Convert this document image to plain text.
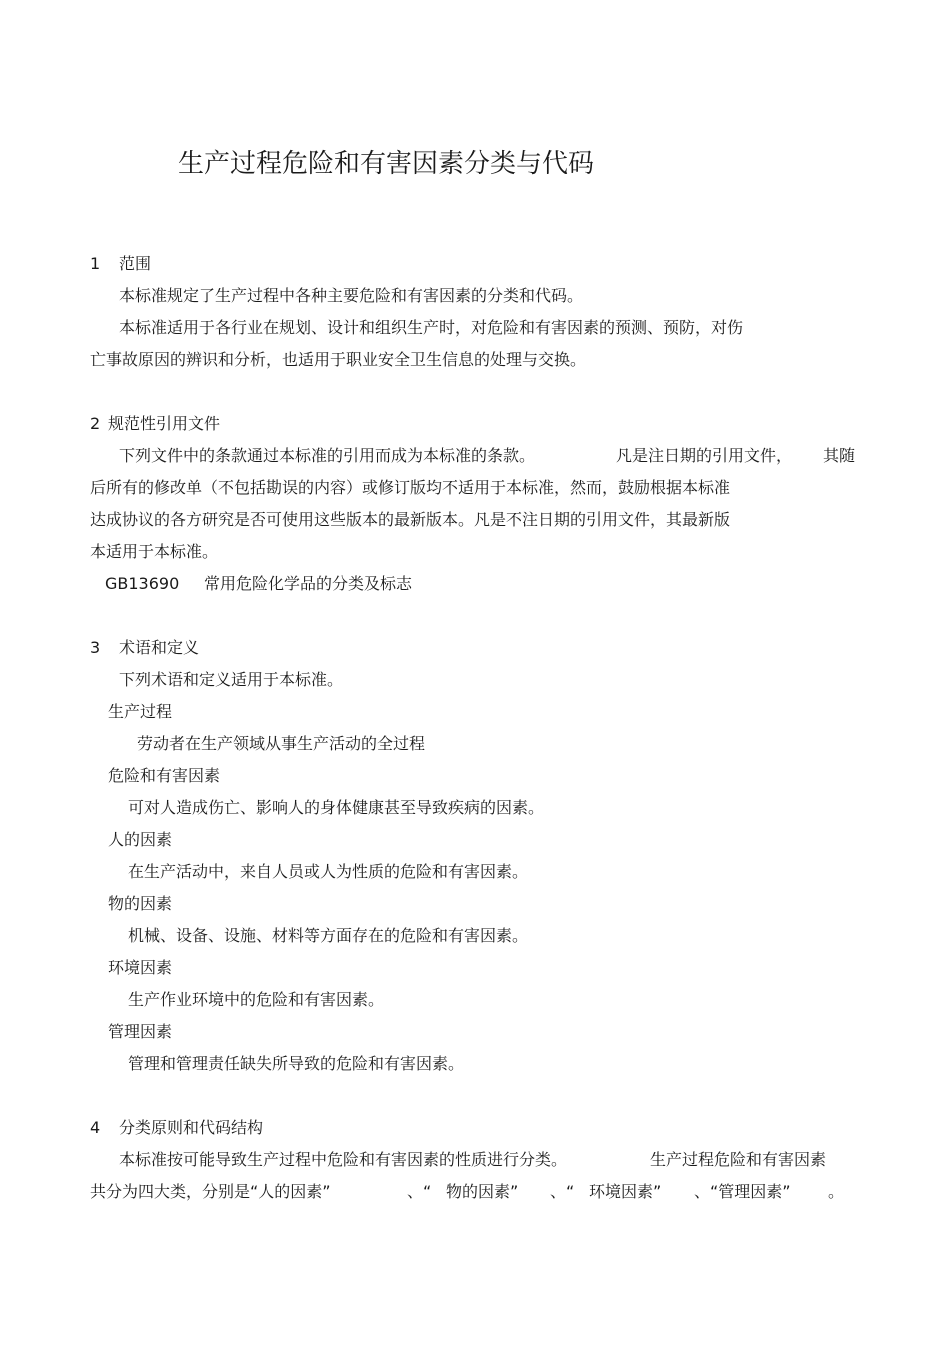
生产过程危险和有害因素分类与代码
1 范围
本标准规定了生产过程中各种主要危险和有害因素的分类和代码。
本标准适用于各行业在规划、设计和组织生产时，对危险和有害因素的预测、预防，对伤
亡事故原因的辨识和分析，也适用于职业安全卫生信息的处理与交换。
2 规范性引用文件
下列文件中的条款通过本标准的引用而成为本标准的条款。	凡是注日期的引用文件， 其随
后所有的修改单（不包括勘误的内容）或修订版均不适用于本标准，然而，鼓励根据本标准
达成协议的各方研究是否可使用这些版本的最新版本。凡是不注日期的引用文件，其最新版
本适用于本标准。
GB13690 常用危险化学品的分类及标志
3 术语和定义
下列术语和定义适用于本标准。
生产过程
劳动者在生产领域从事生产活动的全过程
危险和有害因素
可对人造成伤亡、影响人的身体健康甚至导致疾病的因素。
人的因素
在生产活动中，来自人员或人为性质的危险和有害因素。
物的因素
机械、设备、设施、材料等方面存在的危险和有害因素。
环境因素
生产作业环境中的危险和有害因素。
管理因素
管理和管理责任缺失所导致的危险和有害因素。
4 分类原则和代码结构
本标准按可能导致生产过程中危险和有害因素的性质进行分类。	生产过程危险和有害因素
共分为四大类，分别是“人的因素”	、“ 物的因素” 、“ 环境因素” 、“管理因素” 。
